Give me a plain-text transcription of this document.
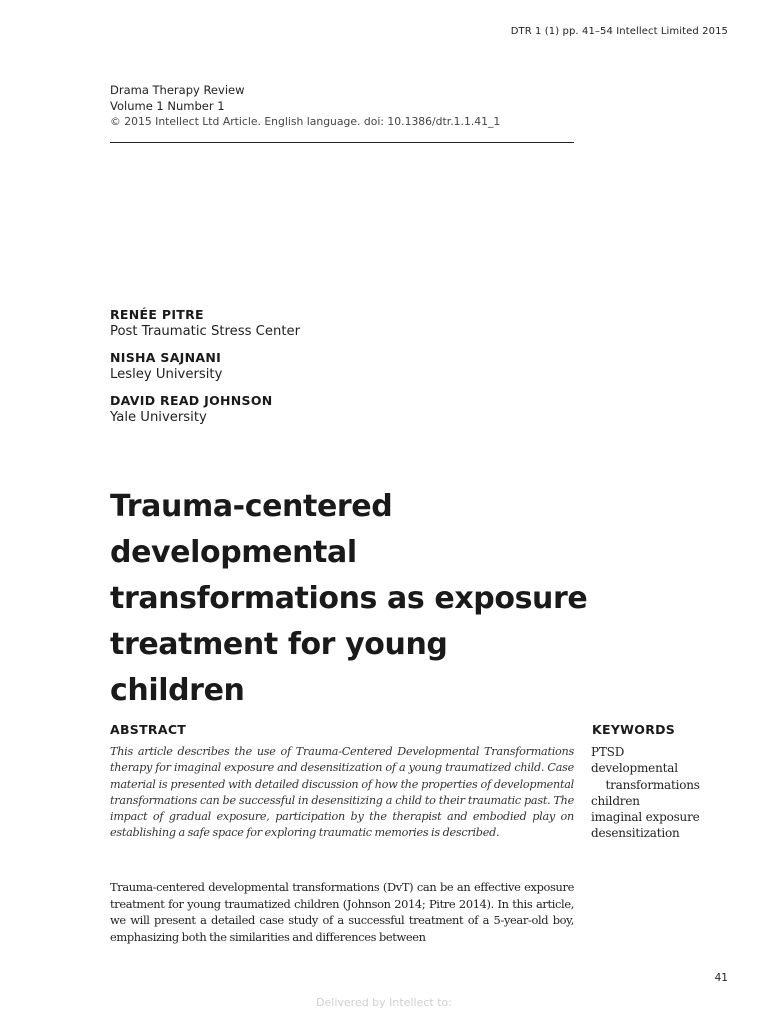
DTR 1 (1) pp. 41–54 Intellect Limited 2015
Drama Therapy Review
Volume 1 Number 1
© 2015 Intellect Ltd Article. English language. doi: 10.1386/dtr.1.1.41_1
RENÉE PITRE
Post Traumatic Stress Center
NISHA SAJNANI
Lesley University
DAVID READ JOHNSON
Yale University
Trauma-centered developmental transformations as exposure treatment for young children
ABSTRACT
This article describes the use of Trauma-Centered Developmental Transformations therapy for imaginal exposure and desensitization of a young traumatized child. Case material is presented with detailed discussion of how the properties of developmental transformations can be successful in desensitizing a child to their traumatic past. The impact of gradual exposure, participation by the therapist and embodied play on establishing a safe space for exploring traumatic memories is described.
KEYWORDS
PTSD
developmental
transformations
children
imaginal exposure
desensitization
Trauma-centered developmental transformations (DvT) can be an effective exposure treatment for young traumatized children (Johnson 2014; Pitre 2014). In this article, we will present a detailed case study of a successful treatment of a 5-year-old boy, emphasizing both the similarities and differences between
41
Delivered by Intellect to:
